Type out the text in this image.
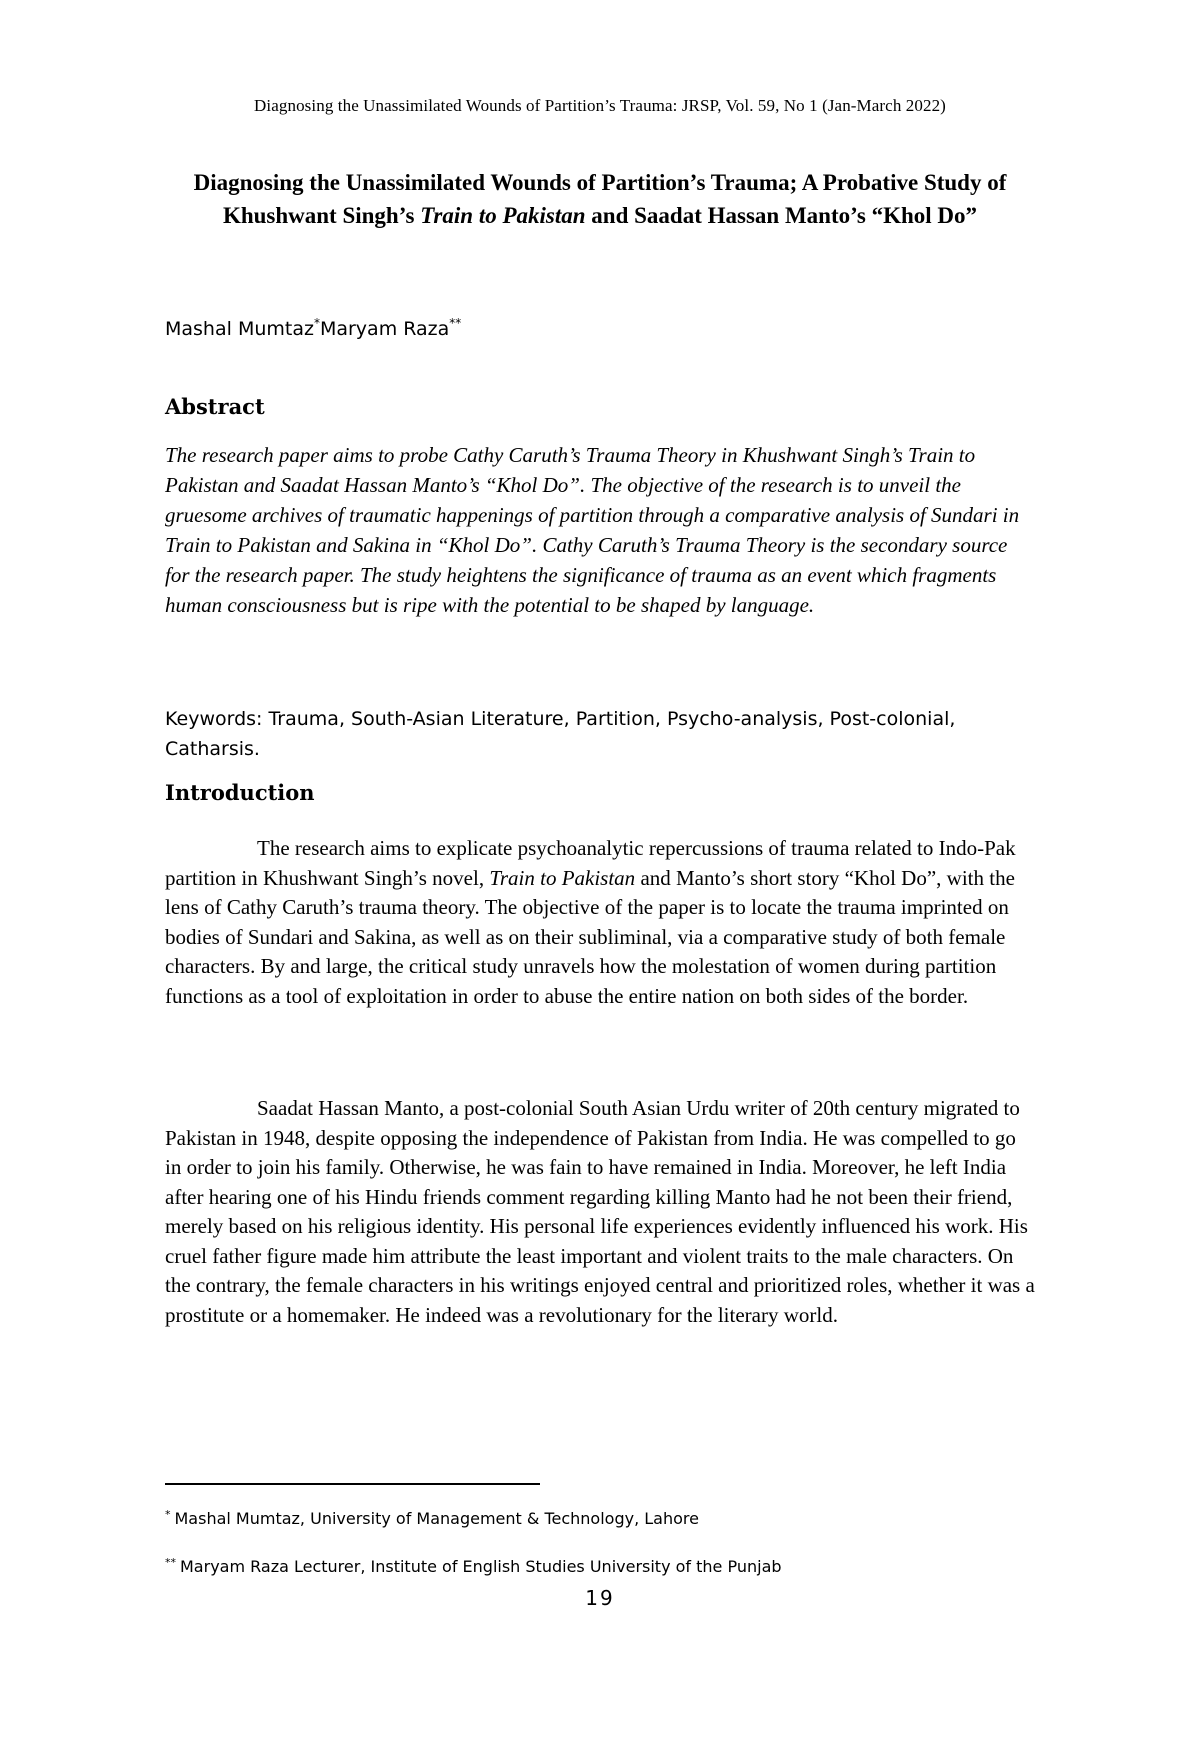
Diagnosing the Unassimilated Wounds of Partition’s Trauma: JRSP, Vol. 59, No 1 (Jan-March 2022)
Diagnosing the Unassimilated Wounds of Partition’s Trauma; A Probative Study of Khushwant Singh’s Train to Pakistan and Saadat Hassan Manto’s “Khol Do”
Mashal Mumtaz*Maryam Raza**
Abstract
The research paper aims to probe Cathy Caruth’s Trauma Theory in Khushwant Singh’s Train to Pakistan and Saadat Hassan Manto’s “Khol Do”. The objective of the research is to unveil the gruesome archives of traumatic happenings of partition through a comparative analysis of Sundari in Train to Pakistan and Sakina in “Khol Do”. Cathy Caruth’s Trauma Theory is the secondary source for the research paper. The study heightens the significance of trauma as an event which fragments human consciousness but is ripe with the potential to be shaped by language.
Keywords: Trauma, South-Asian Literature, Partition, Psycho-analysis, Post-colonial, Catharsis.
Introduction
The research aims to explicate psychoanalytic repercussions of trauma related to Indo-Pak partition in Khushwant Singh’s novel, Train to Pakistan and Manto’s short story “Khol Do”, with the lens of Cathy Caruth’s trauma theory. The objective of the paper is to locate the trauma imprinted on bodies of Sundari and Sakina, as well as on their subliminal, via a comparative study of both female characters. By and large, the critical study unravels how the molestation of women during partition functions as a tool of exploitation in order to abuse the entire nation on both sides of the border.
Saadat Hassan Manto, a post-colonial South Asian Urdu writer of 20th century migrated to Pakistan in 1948, despite opposing the independence of Pakistan from India. He was compelled to go in order to join his family. Otherwise, he was fain to have remained in India. Moreover, he left India after hearing one of his Hindu friends comment regarding killing Manto had he not been their friend, merely based on his religious identity. His personal life experiences evidently influenced his work. His cruel father figure made him attribute the least important and violent traits to the male characters. On the contrary, the female characters in his writings enjoyed central and prioritized roles, whether it was a prostitute or a homemaker. He indeed was a revolutionary for the literary world.
* Mashal Mumtaz, University of Management & Technology, Lahore
** Maryam Raza Lecturer, Institute of English Studies University of the Punjab
19
